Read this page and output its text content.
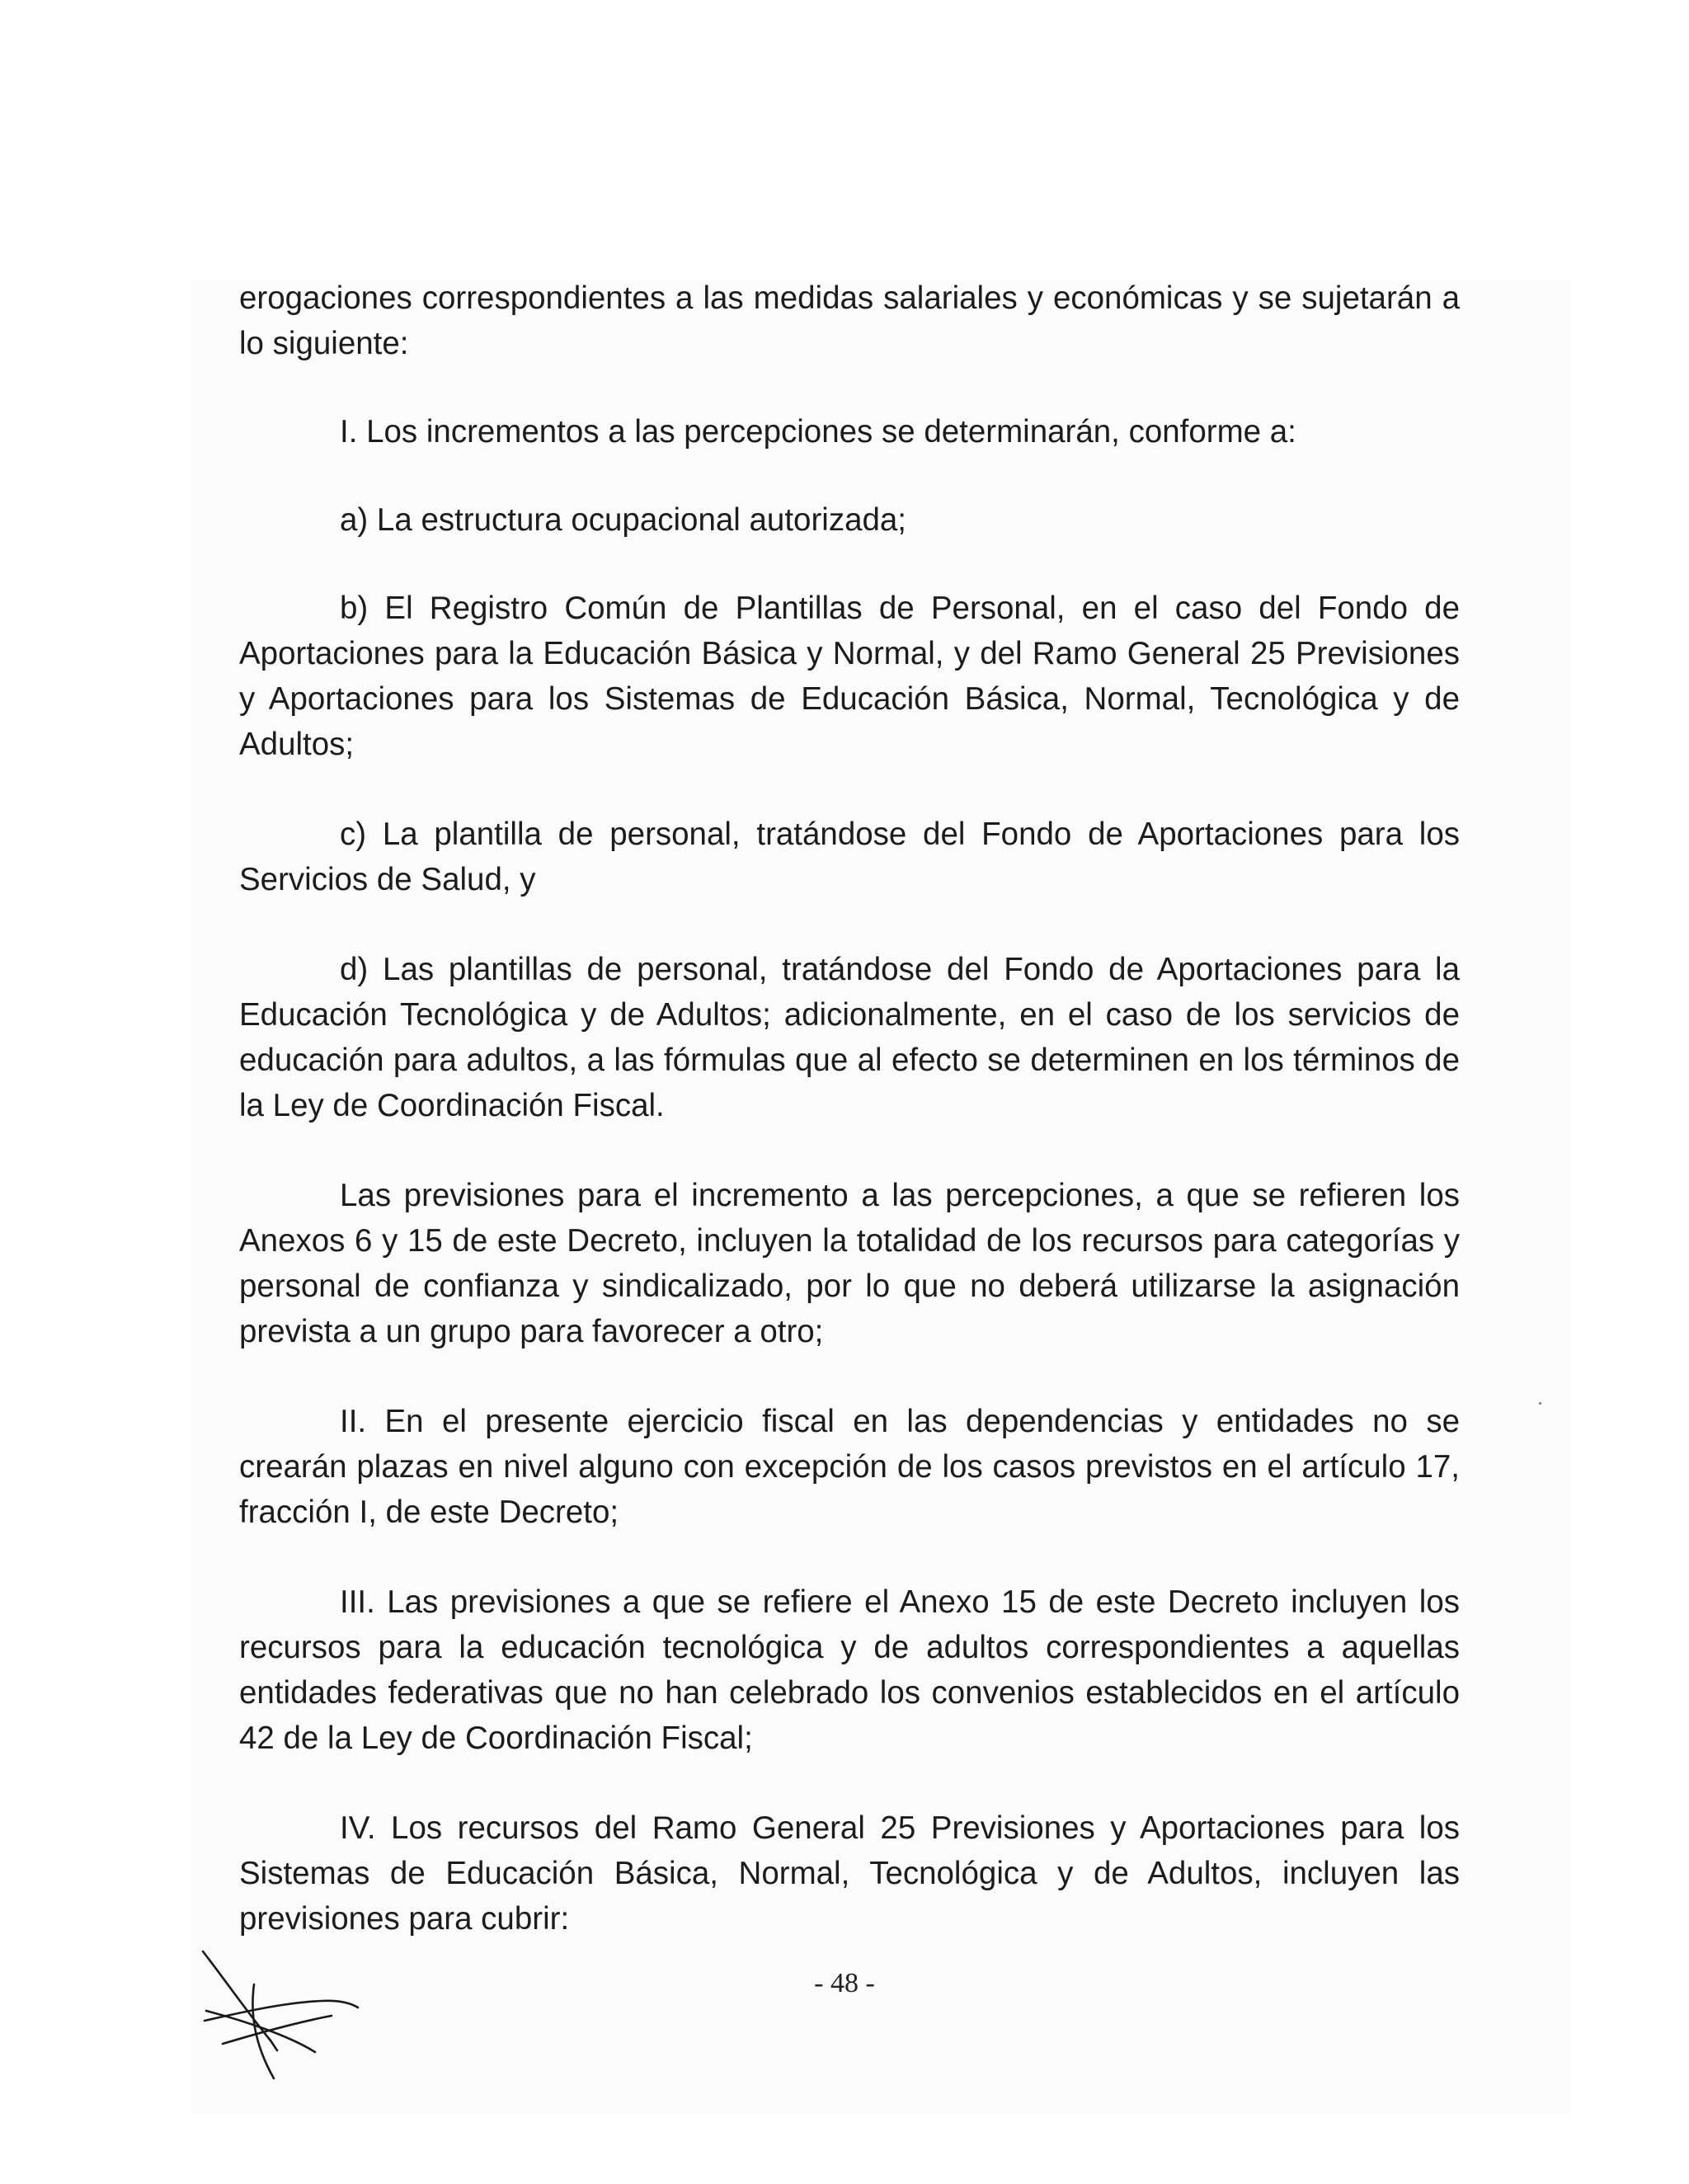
erogaciones correspondientes a las medidas salariales y económicas y se sujetarán a lo siguiente:

I. Los incrementos a las percepciones se determinarán, conforme a:

a) La estructura ocupacional autorizada;

b) El Registro Común de Plantillas de Personal, en el caso del Fondo de Aportaciones para la Educación Básica y Normal, y del Ramo General 25 Previsiones y Aportaciones para los Sistemas de Educación Básica, Normal, Tecnológica y de Adultos;

c) La plantilla de personal, tratándose del Fondo de Aportaciones para los Servicios de Salud, y

d) Las plantillas de personal, tratándose del Fondo de Aportaciones para la Educación Tecnológica y de Adultos; adicionalmente, en el caso de los servicios de educación para adultos, a las fórmulas que al efecto se determinen en los términos de la Ley de Coordinación Fiscal.

Las previsiones para el incremento a las percepciones, a que se refieren los Anexos 6 y 15 de este Decreto, incluyen la totalidad de los recursos para categorías y personal de confianza y sindicalizado, por lo que no deberá utilizarse la asignación prevista a un grupo para favorecer a otro;

II. En el presente ejercicio fiscal en las dependencias y entidades no se crearán plazas en nivel alguno con excepción de los casos previstos en el artículo 17, fracción I, de este Decreto;

III. Las previsiones a que se refiere el Anexo 15 de este Decreto incluyen los recursos para la educación tecnológica y de adultos correspondientes a aquellas entidades federativas que no han celebrado los convenios establecidos en el artículo 42 de la Ley de Coordinación Fiscal;

IV. Los recursos del Ramo General 25 Previsiones y Aportaciones para los Sistemas de Educación Básica, Normal, Tecnológica y de Adultos, incluyen las previsiones para cubrir:

- 48 -
